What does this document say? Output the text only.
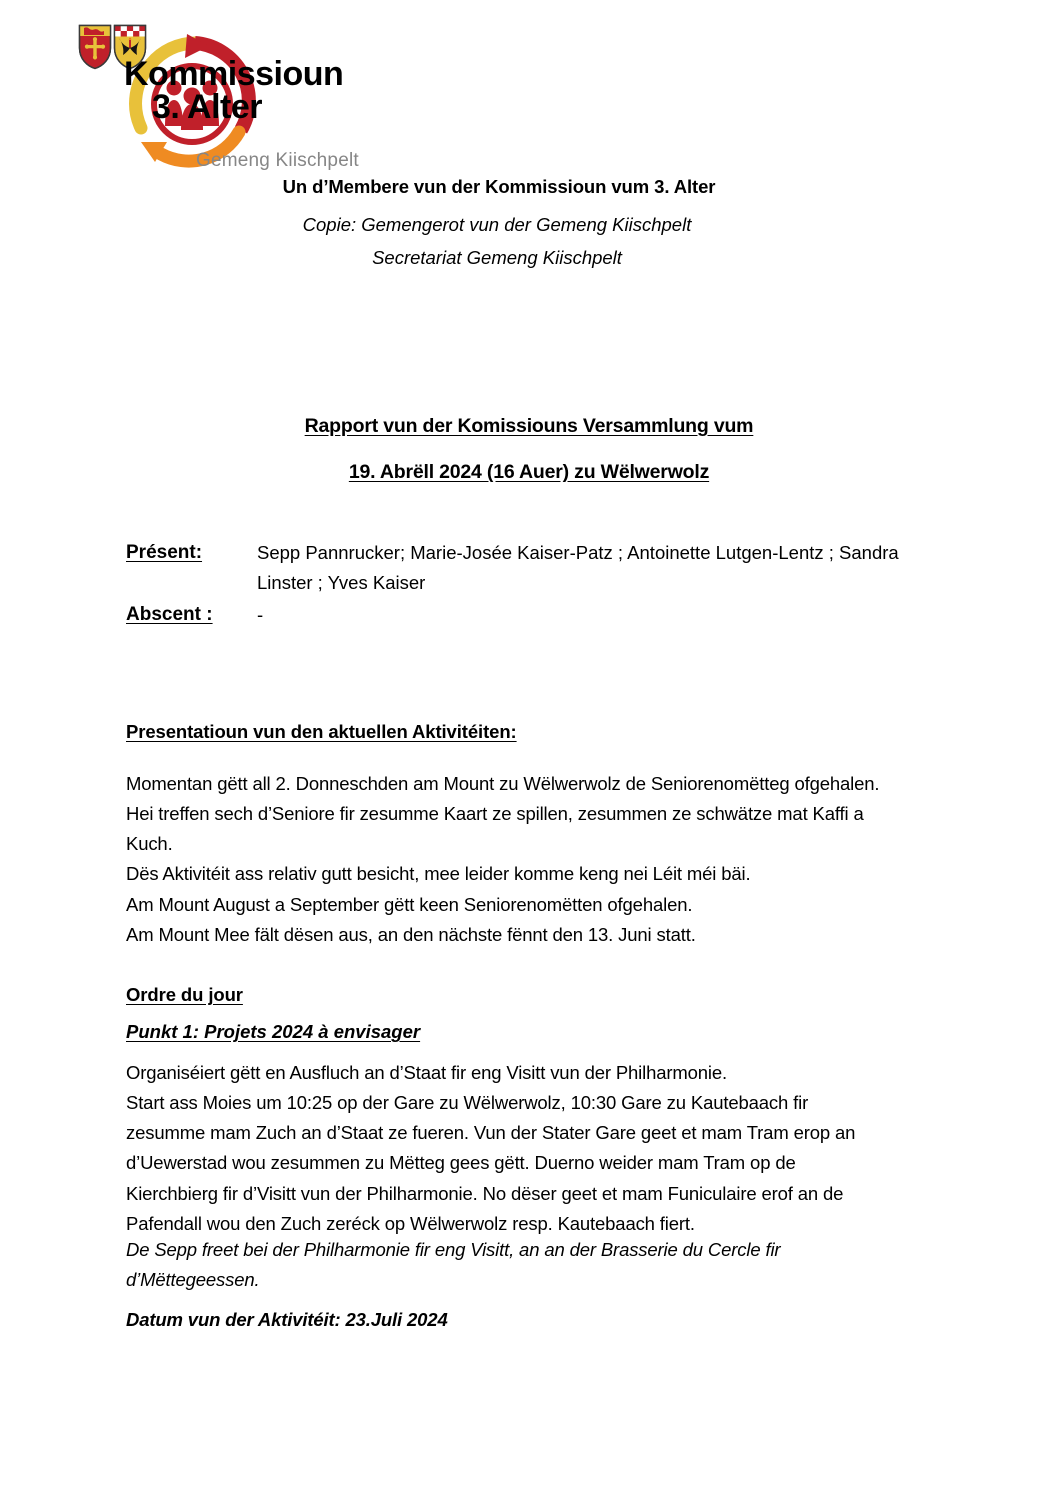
Kommissioun
3. Alter
Gemeng Kiischpelt
Un d’Membere vun der Kommissioun vum 3. Alter
Copie: Gemengerot vun der Gemeng Kiischpelt
Secretariat Gemeng Kiischpelt
Rapport vun der Komissiouns Versammlung vum
19. Abrëll 2024 (16 Auer) zu Wëlwerwolz
Présent:	Sepp Pannrucker; Marie-Josée Kaiser-Patz ; Antoinette Lutgen-Lentz ; Sandra Linster ; Yves Kaiser
Abscent :	-
Presentatioun vun den aktuellen Aktivitéiten:
Momentan gëtt all 2. Donneschden am Mount zu Wëlwerwolz de Seniorenomëtteg ofgehalen. Hei treffen sech d’Seniore fir zesumme Kaart ze spillen, zesummen ze schwätze mat Kaffi a Kuch.
Dës Aktivitéit ass relativ gutt besicht, mee leider komme keng nei Léit méi bäi.
Am Mount August a September gëtt keen Seniorenomëtten ofgehalen.
Am Mount Mee fält dësen aus, an den nächste fënnt den 13. Juni statt.
Ordre du jour
Punkt 1: Projets 2024 à envisager
Organiséiert gëtt en Ausfluch an d’Staat fir eng Visitt vun der Philharmonie.
Start ass Moies um 10:25 op der Gare zu Wëlwerwolz, 10:30 Gare zu Kautebaach fir zesumme mam Zuch an d’Staat ze fueren. Vun der Stater Gare geet et mam Tram erop an d’Uewerstad wou zesummen zu Mëtteg gees gëtt. Duerno weider mam Tram op de Kierchbierg fir d’Visitt vun der Philharmonie. No dëser geet et mam Funiculaire erof an de Pafendall wou den Zuch zeréck op Wëlwerwolz resp. Kautebaach fiert.
De Sepp freet bei der Philharmonie fir eng Visitt, an an der Brasserie du Cercle fir d’Mëttegeessen.
Datum vun der Aktivitéit: 23.Juli 2024
